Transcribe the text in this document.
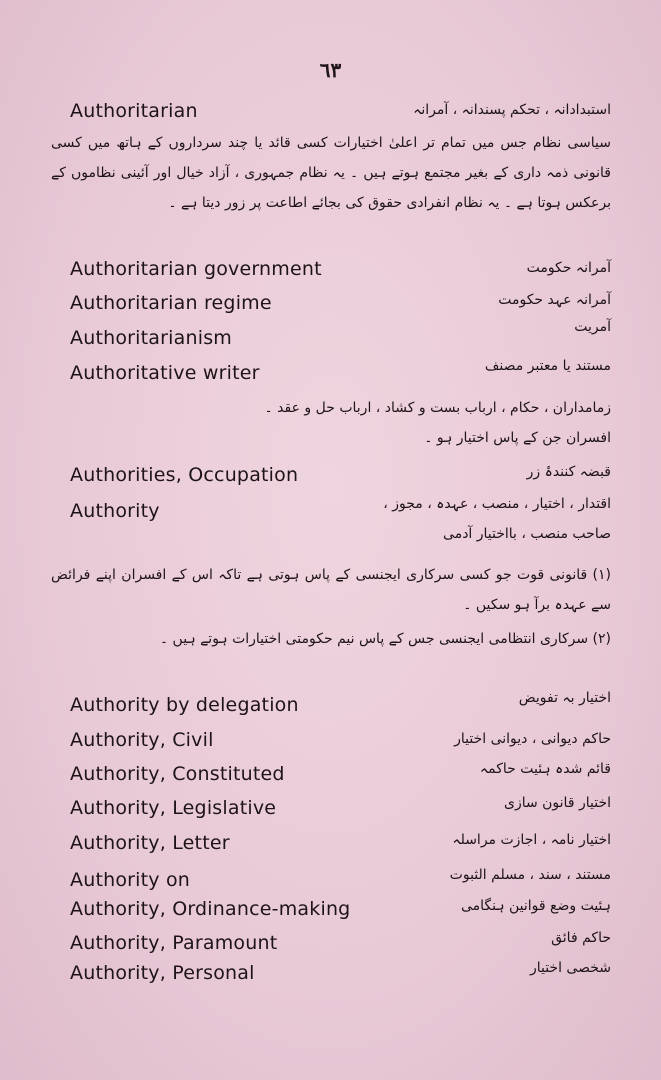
٦٣
Authoritarian	استبدادانہ ، تحکم پسندانہ ، آمرانہ
سیاسی نظام جس میں تمام تر اعلیٰ اختیارات کسی قائد یا چند سرداروں کے ہاتھ میں کسی قانونی ذمہ داری کے بغیر مجتمع ہوتے ہیں ۔ یہ نظام جمہوری ، آزاد خیال اور آئینی نظاموں کے برعکس ہوتا ہے ۔ یہ نظام انفرادی حقوق کی بجائے اطاعت پر زور دیتا ہے ۔
Authoritarian government	آمرانہ حکومت
Authoritarian regime	آمرانہ عہد حکومت
Authoritarianism	آمریت
Authoritative writer	مستند یا معتبر مصنف
زمامداران ، حکام ، ارباب بست و کشاد ، ارباب حل و عقد ۔
افسران جن کے پاس اختیار ہو ۔
Authorities, Occupation	قبضہ کنندۂ زر
Authority	اقتدار ، اختیار ، منصب ، عہدہ ، مجوز ،
صاحب منصب ، بااختیار آدمی
(۱) قانونی قوت جو کسی سرکاری ایجنسی کے پاس ہوتی ہے تاکہ اس کے افسران اپنے فرائض سے عہدہ برآ ہو سکیں ۔
(۲) سرکاری انتظامی ایجنسی جس کے پاس نیم حکومتی اختیارات ہوتے ہیں ۔
Authority by delegation	اختیار بہ تفویض
Authority, Civil	حاکم دیوانی ، دیوانی اختیار
Authority, Constituted	قائم شدہ ہئیت حاکمہ
Authority, Legislative	اختیار قانون سازی
Authority, Letter	اختیار نامہ ، اجازت مراسلہ
Authority on	مستند ، سند ، مسلم الثبوت
Authority, Ordinance-making	ہئیت وضع قوانین ہنگامی
Authority, Paramount	حاکم فائق
Authority, Personal	شخصی اختیار
